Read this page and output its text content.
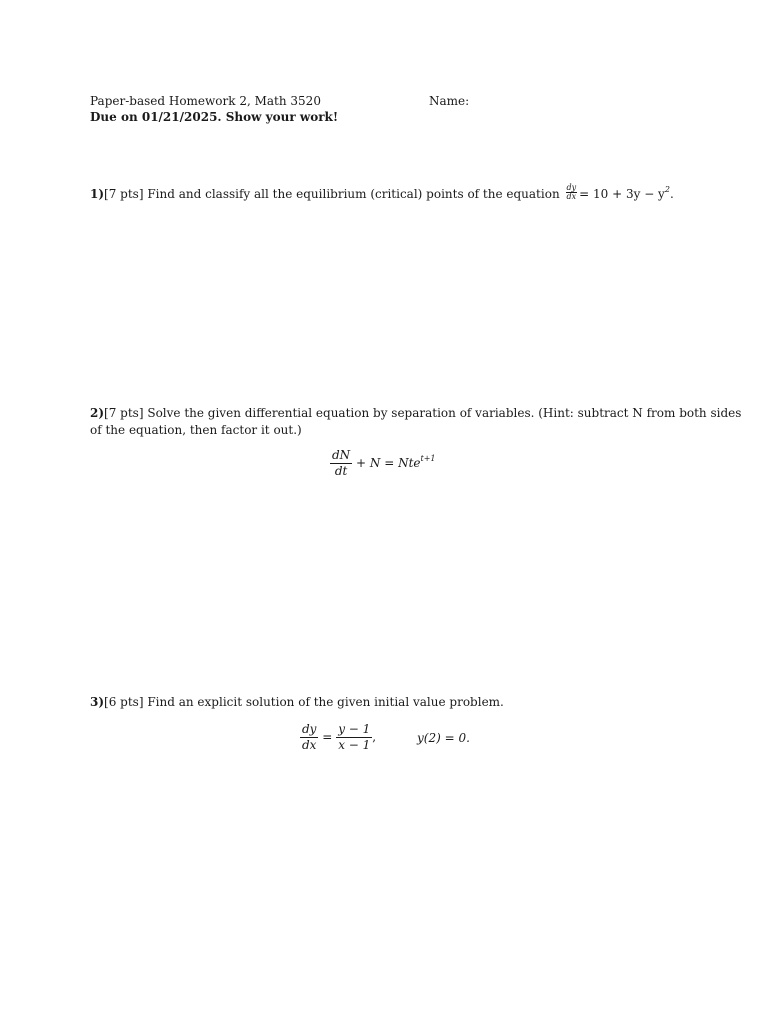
Paper-based Homework 2, Math 3520	Name:
Due on 01/21/2025. Show your work!
1)[7 pts] Find and classify all the equilibrium (critical) points of the equation $\frac{dy}{dx} = 10 + 3y - y^2$.
2)[7 pts] Solve the given differential equation by separation of variables. (Hint: subtract N from both sides
of the equation, then factor it out.)
$\frac{dN}{dt} + N = Nte^{t+1}$
3)[6 pts] Find an explicit solution of the given initial value problem.
$\frac{dy}{dx} = \frac{y - 1}{x - 1}$ ,	y(2) = 0.
